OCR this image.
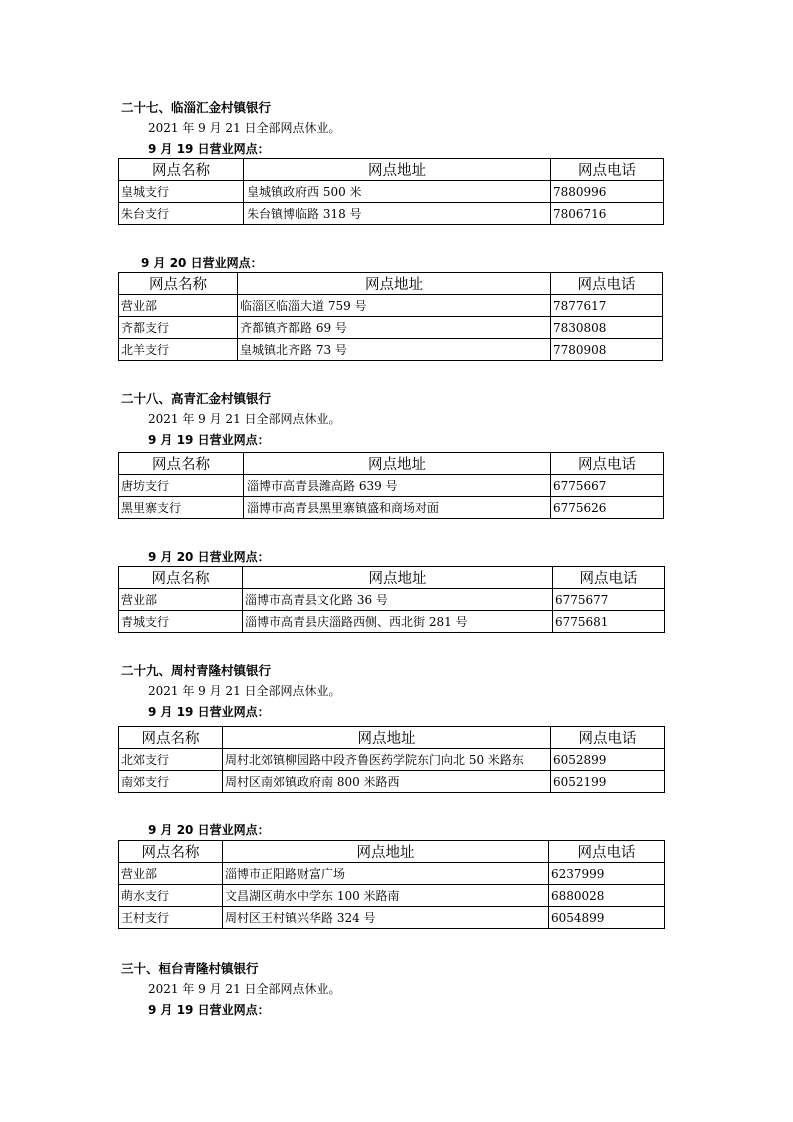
二十七、临淄汇金村镇银行
2021 年 9 月 21 日全部网点休业。
9 月 19 日营业网点：
网点名称	网点地址	网点电话
皇城支行	皇城镇政府西 500 米	7880996
朱台支行	朱台镇博临路 318 号	7806716
9 月 20 日营业网点：
网点名称	网点地址	网点电话
营业部	临淄区临淄大道 759 号	7877617
齐都支行	齐都镇齐都路 69 号	7830808
北羊支行	皇城镇北齐路 73 号	7780908
二十八、高青汇金村镇银行
2021 年 9 月 21 日全部网点休业。
9 月 19 日营业网点：
网点名称	网点地址	网点电话
唐坊支行	淄博市高青县潍高路 639 号	6775667
黑里寨支行	淄博市高青县黑里寨镇盛和商场对面	6775626
9 月 20 日营业网点：
网点名称	网点地址	网点电话
营业部	淄博市高青县文化路 36 号	6775677
青城支行	淄博市高青县庆淄路西侧、西北街 281 号	6775681
二十九、周村青隆村镇银行
2021 年 9 月 21 日全部网点休业。
9 月 19 日营业网点：
网点名称	网点地址	网点电话
北郊支行	周村北郊镇柳园路中段齐鲁医药学院东门向北 50 米路东	6052899
南郊支行	周村区南郊镇政府南 800 米路西	6052199
9 月 20 日营业网点：
网点名称	网点地址	网点电话
营业部	淄博市正阳路财富广场	6237999
萌水支行	文昌湖区萌水中学东 100 米路南	6880028
王村支行	周村区王村镇兴华路 324 号	6054899
三十、桓台青隆村镇银行
2021 年 9 月 21 日全部网点休业。
9 月 19 日营业网点：
